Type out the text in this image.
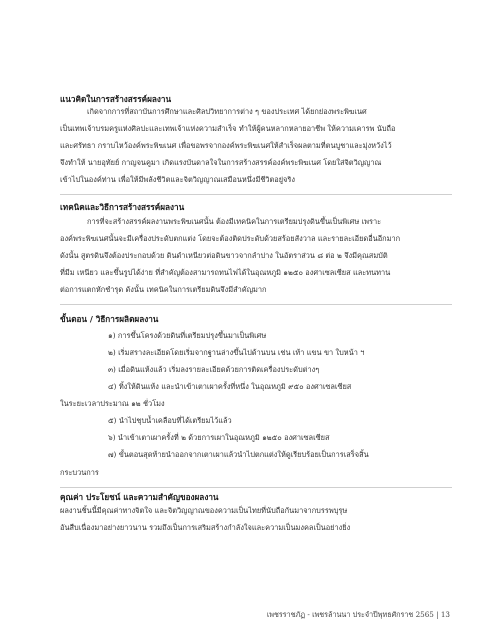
แนวคิดในการสร้างสรรค์ผลงาน
เกิดจากการที่สถาบันการศึกษาและศิลปวิทยาการต่าง ๆ ของประเทศ ได้ยกย่องพระพิฆเนศ
เป็นเทพเจ้าบรมครูแห่งศิลปะและเทพเจ้าแห่งความสำเร็จ ทำให้ผู้คนหลากหลายอาชีพ ให้ความเคารพ นับถือ
และศรัทธา กราบไหว้องค์พระพิฆเนศ เพื่อขอพรจากองค์พระพิฆเนศให้สำเร็จผลตามที่ตนบูชาและมุ่งหวังไว้
จึงทำให้ นายอุทัยย์ กาญจนคูมา เกิดแรงบันดาลใจในการสร้างสรรค์องค์พระพิฆเนศ โดยใส่จิตวิญญาณ
เข้าไปในองค์ท่าน เพื่อให้มีพลังชีวิตและจิตวิญญาณเสมือนหนึ่งมีชีวิตอยู่จริง
เทคนิคและวิธีการสร้างสรรค์ผลงาน
การที่จะสร้างสรรค์ผลงานพระพิฆเนศนั้น ต้องมีเทคนิคในการเตรียมปรุงดินขึ้นเป็นพิเศษ เพราะ
องค์พระพิฆเนศนั้นจะมีเครื่องประดับตกแต่ง โดยจะต้องติดประดับด้วยสร้อยสังวาล และรายละเอียดอื่นอีกมาก
ดังนั้น สูตรดินจึงต้องประกอบด้วย ดินดำเหนียวต่อดินขาวจากลำปาง ในอัตราส่วน ๘ ต่อ ๒ จึงมีคุณสมบัติ
ที่มีม เหนียว และขึ้นรูปได้ง่าย ที่สำคัญต้องสามารถทนไฟได้ในอุณหภูมิ ๑๒๕๐ องศาเซลเซียส และทนทาน
ต่อการแตกหักชำรุด ดังนั้น เทคนิคในการเตรียมดินจึงมีสำคัญมาก
ขั้นตอน / วิธีการผลิตผลงาน
๑) การขึ้นโครงด้วยดินที่เตรียมปรุงขึ้นมาเป็นพิเศษ
๒) เริ่มสรางละเอียดโดยเริ่มจากฐานล่างขึ้นไปด้านบน เช่น เท้า แขน ขา ใบหน้า ฯ
๓) เมื่อดินแห้งแล้ว เริ่มลงรายละเอียดด้วยการติดเครื่องประดับต่างๆ
๔) ทิ้งให้ดินแห้ง และนำเข้าเตาเผาครั้งที่หนึ่ง ในอุณหภูมิ ๙๕๐ องศาเซลเซียส
ในระยะเวลาประมาณ ๑๒ ชั่วโมง
๕) นำไปชุบน้ำเคลือบที่ได้เตรียมไว้แล้ว
๖) นำเข้าเตาเผาครั้งที่ ๒ ด้วยการเผาในอุณหภูมิ ๑๒๕๐ องศาเซลเซียส
๗) ขั้นตอนสุดท้ายนำออกจากเตาเผาแล้วนำไปตกแต่งให้ดูเรียบร้อยเป็นการเสร็จสิ้น
กระบวนการ
คุณค่า ประโยชน์ และความสำคัญของผลงาน
ผลงานชิ้นนี้มีคุณค่าทางจิตใจ และจิตวิญญาณของความเป็นไทยที่นับถือกันมาจากบรรพบุรุษ
อันสืบเนื่องมาอย่างยาวนาน รวมถึงเป็นการเสริมสร้างกำลังใจและความเป็นมงคลเป็นอย่างยิ่ง
เพชรราชภัฏ - เพชรล้านนา ประจำปีพุทธศักราช 2565 | 13
